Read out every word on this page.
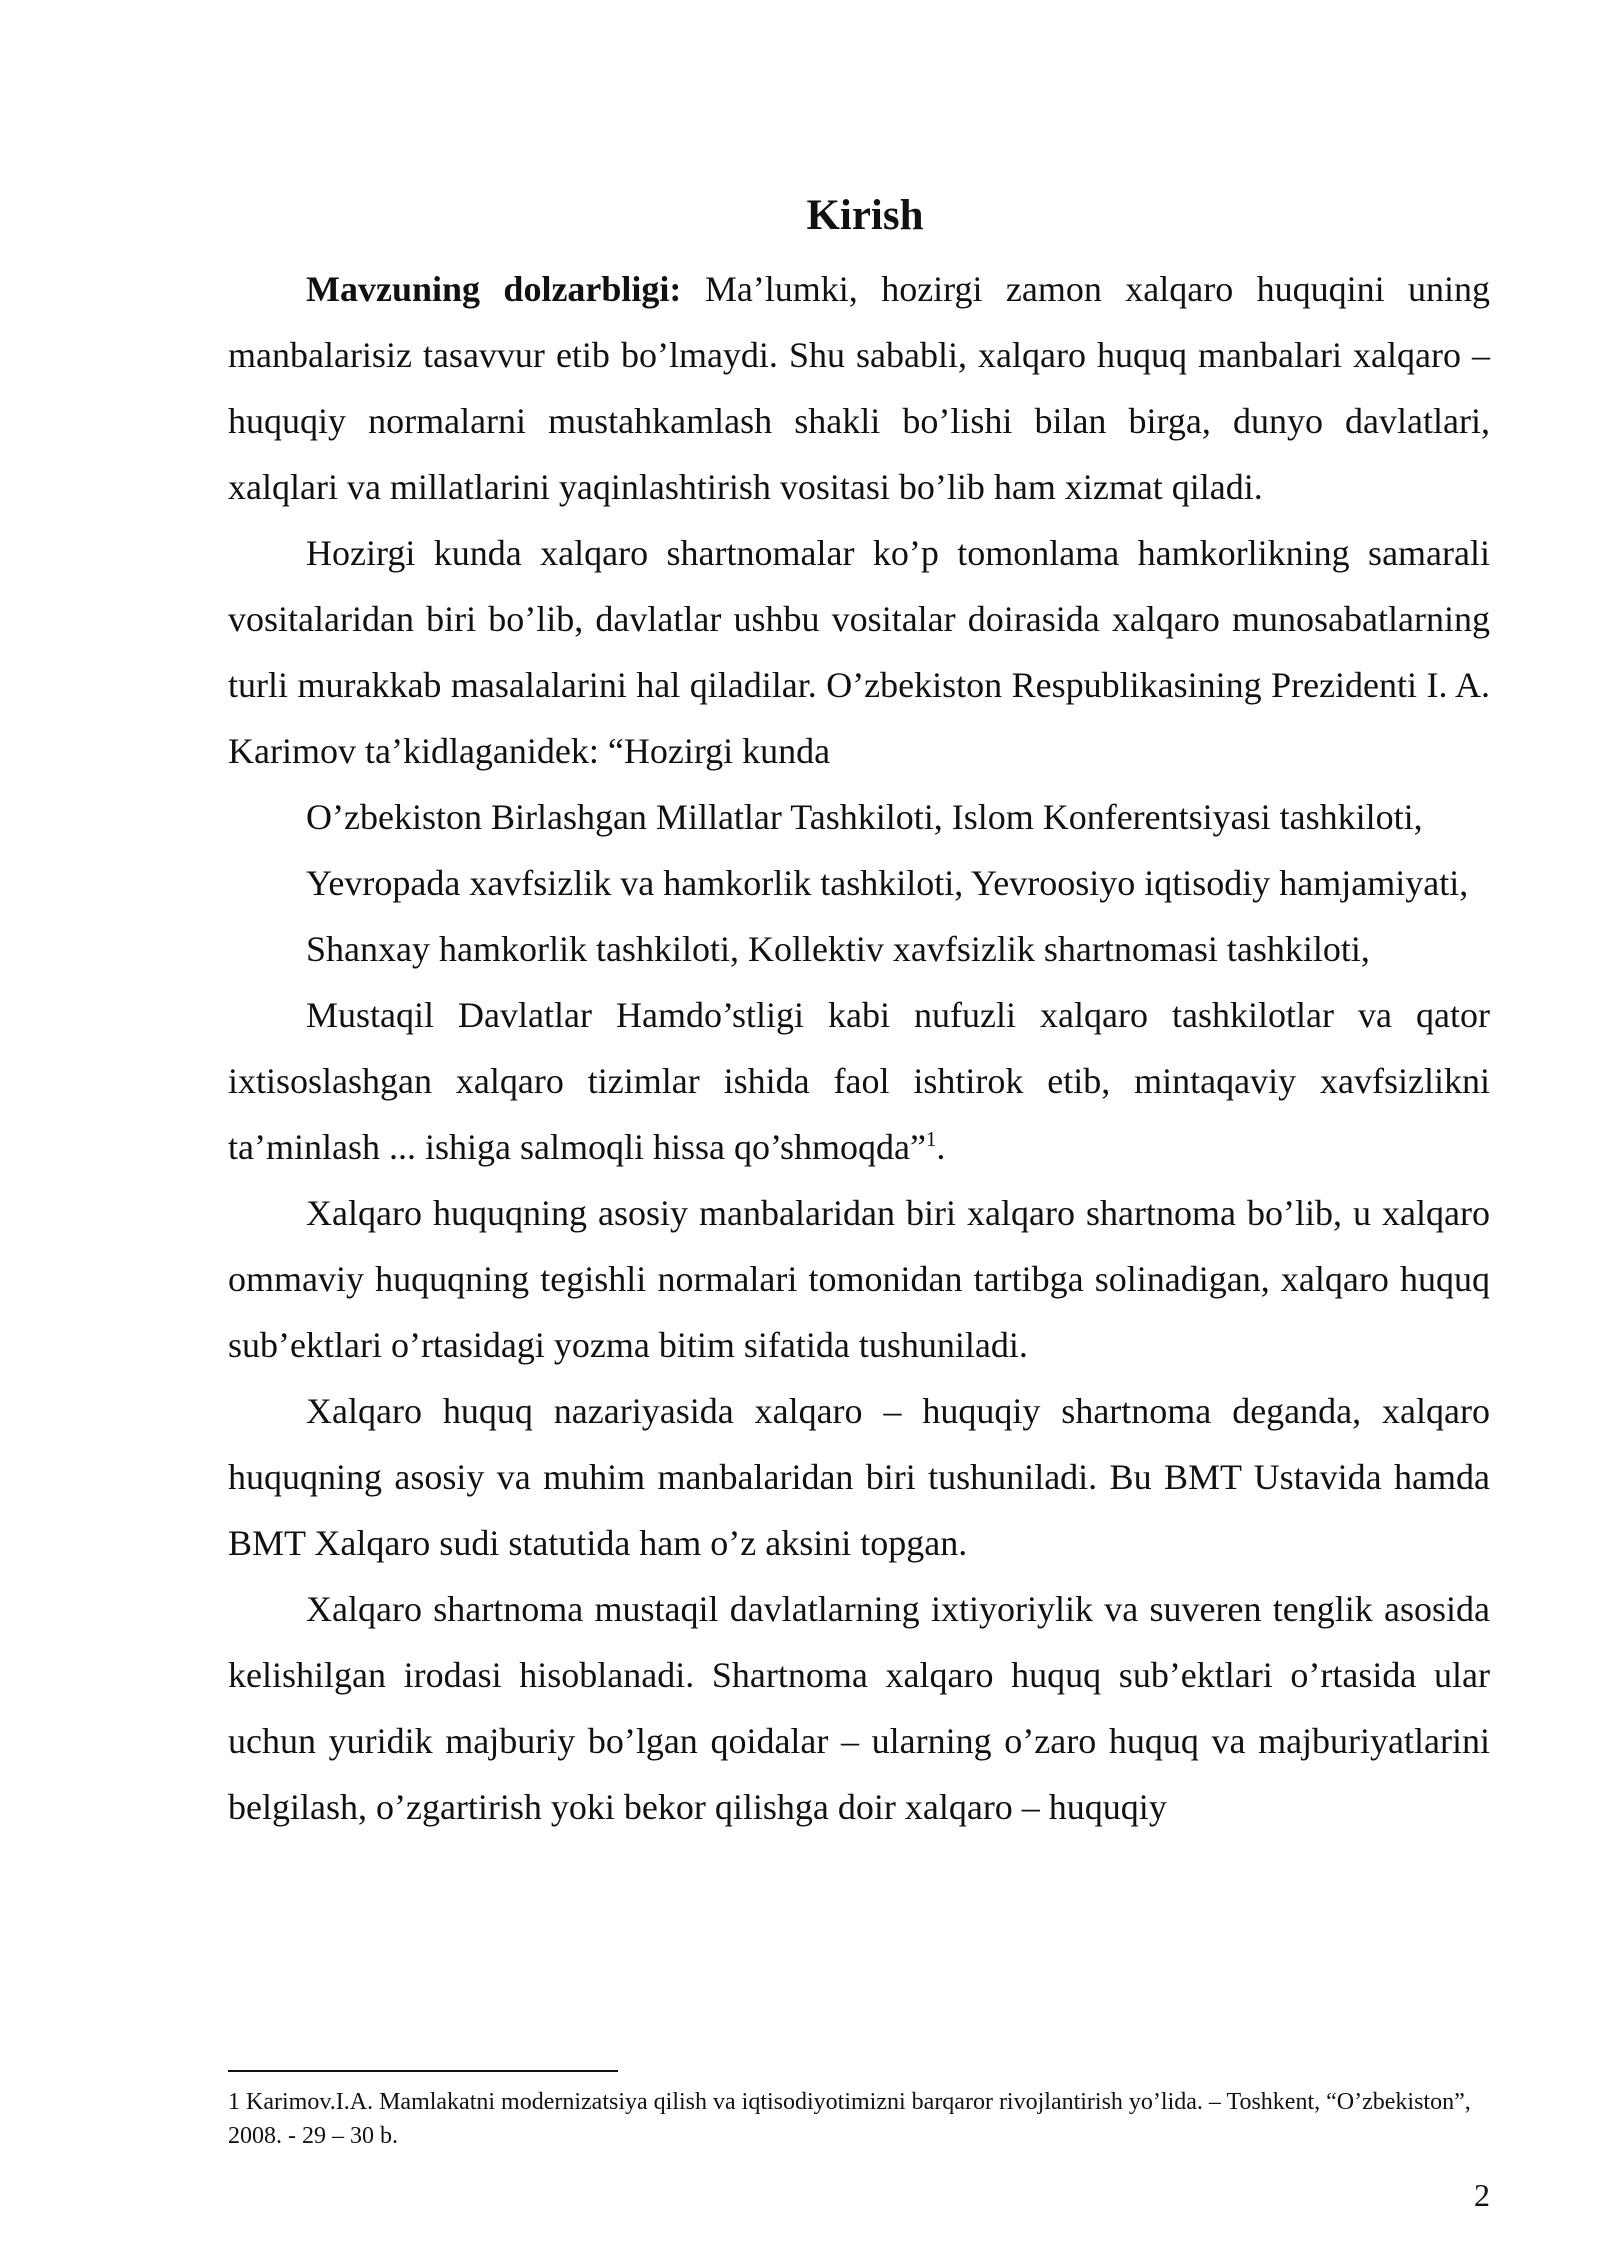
Kirish

Mavzuning dolzarbligi: Ma’lumki, hozirgi zamon xalqaro huquqini uning manbalarisiz tasavvur etib bo’lmaydi. Shu sababli, xalqaro huquq manbalari xalqaro – huquqiy normalarni mustahkamlash shakli bo’lishi bilan birga, dunyo davlatlari, xalqlari va millatlarini yaqinlashtirish vositasi bo’lib ham xizmat qiladi.

Hozirgi kunda xalqaro shartnomalar ko’p tomonlama hamkorlikning samarali vositalaridan biri bo’lib, davlatlar ushbu vositalar doirasida xalqaro munosabatlarning turli murakkab masalalarini hal qiladilar. O’zbekiston Respublikasining Prezidenti I. A. Karimov ta’kidlaganidek: “Hozirgi kunda

O’zbekiston Birlashgan Millatlar Tashkiloti, Islom Konferentsiyasi tashkiloti,

Yevropada xavfsizlik va hamkorlik tashkiloti, Yevroosiyo iqtisodiy hamjamiyati,

Shanxay hamkorlik tashkiloti, Kollektiv xavfsizlik shartnomasi tashkiloti,

Mustaqil Davlatlar Hamdo’stligi kabi nufuzli xalqaro tashkilotlar va qator ixtisoslashgan xalqaro tizimlar ishida faol ishtirok etib, mintaqaviy xavfsizlikni ta’minlash ... ishiga salmoqli hissa qo’shmoqda”$^1$.

Xalqaro huquqning asosiy manbalaridan biri xalqaro shartnoma bo’lib, u xalqaro ommaviy huquqning tegishli normalari tomonidan tartibga solinadigan, xalqaro huquq sub’ektlari o’rtasidagi yozma bitim sifatida tushuniladi.

Xalqaro huquq nazariyasida xalqaro – huquqiy shartnoma deganda, xalqaro huquqning asosiy va muhim manbalaridan biri tushuniladi. Bu BMT Ustavida hamda BMT Xalqaro sudi statutida ham o’z aksini topgan.

Xalqaro shartnoma mustaqil davlatlarning ixtiyoriylik va suveren tenglik asosida kelishilgan irodasi hisoblanadi. Shartnoma xalqaro huquq sub’ektlari o’rtasida ular uchun yuridik majburiy bo’lgan qoidalar – ularning o’zaro huquq va majburiyatlarini belgilash, o’zgartirish yoki bekor qilishga doir xalqaro – huquqiy

1 Karimov.I.A. Mamlakatni modernizatsiya qilish va iqtisodiyotimizni barqaror rivojlantirish yo’lida. – Toshkent, “O’zbekiston”, 2008. - 29 – 30 b.

2
